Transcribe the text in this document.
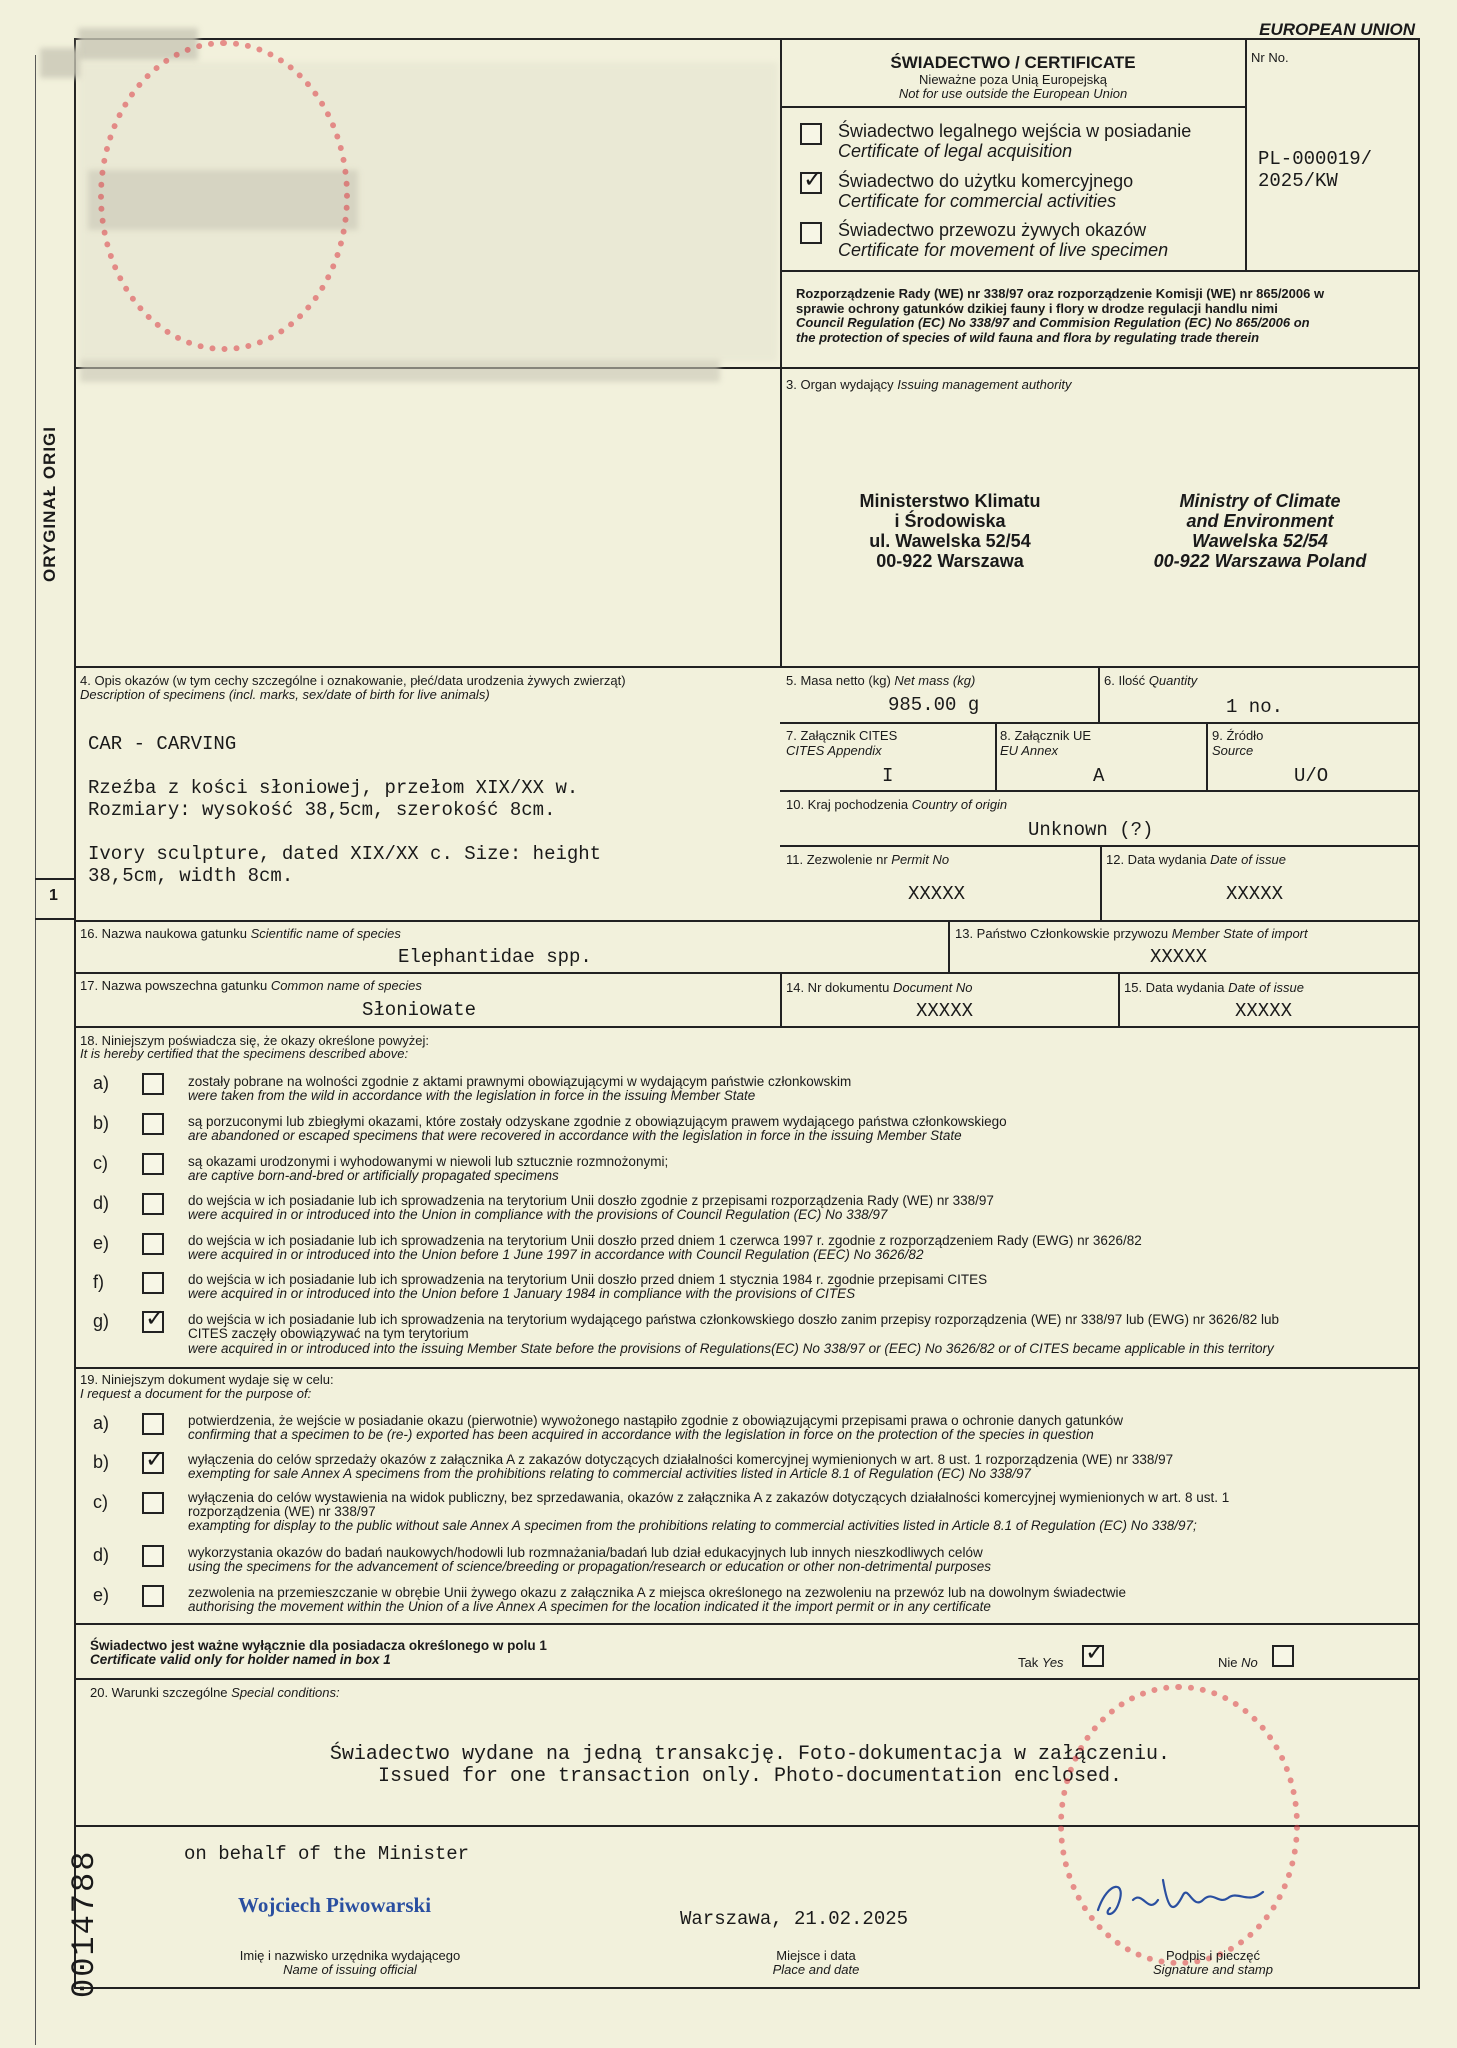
EUROPEAN UNION
ŚWIADECTWO / CERTIFICATE
Nieważne poza Unią Europejską
Not for use outside the European Union
Nr No.
PL-000019/
2025/KW
Świadectwo legalnego wejścia w posiadanie
Certificate of legal acquisition
✓ Świadectwo do użytku komercyjnego
Certificate for commercial activities
Świadectwo przewozu żywych okazów
Certificate for movement of live specimen
Rozporządzenie Rady (WE) nr 338/97 oraz rozporządzenie Komisji (WE) nr 865/2006 w
sprawie ochrony gatunków dzikiej fauny i flory w drodze regulacji handlu nimi
Council Regulation (EC) No 338/97 and Commision Regulation (EC) No 865/2006 on
the protection of species of wild fauna and flora by regulating trade therein
ORYGINAŁ ORIGI
1
0014788
3. Organ wydający Issuing management authority
Ministerstwo Klimatu
i Środowiska
ul. Wawelska 52/54
00-922 Warszawa
Ministry of Climate
and Environment
Wawelska 52/54
00-922 Warszawa Poland
4. Opis okazów (w tym cechy szczególne i oznakowanie, płeć/data urodzenia żywych zwierząt)
Description of specimens (incl. marks, sex/date of birth for live animals)
CAR - CARVING
Rzeźba z kości słoniowej, przełom XIX/XX w.
Rozmiary: wysokość 38,5cm, szerokość 8cm.
Ivory sculpture, dated XIX/XX c. Size: height
38,5cm, width 8cm.
5. Masa netto (kg) Net mass (kg)
985.00 g
6. Ilość Quantity
1 no.
7. Załącznik CITES
CITES Appendix
I
8. Załącznik UE
EU Annex
A
9. Źródło
Source
U/O
10. Kraj pochodzenia Country of origin
Unknown (?)
11. Zezwolenie nr Permit No
XXXXX
12. Data wydania Date of issue
XXXXX
16. Nazwa naukowa gatunku Scientific name of species
Elephantidae spp.
13. Państwo Członkowskie przywozu Member State of import
XXXXX
17. Nazwa powszechna gatunku Common name of species
Słoniowate
14. Nr dokumentu Document No
XXXXX
15. Data wydania Date of issue
XXXXX
18. Niniejszym poświadcza się, że okazy określone powyżej:
It is hereby certified that the specimens described above:
a)	zostały pobrane na wolności zgodnie z aktami prawnymi obowiązującymi w wydającym państwie członkowskim
were taken from the wild in accordance with the legislation in force in the issuing Member State
b)	są porzuconymi lub zbiegłymi okazami, które zostały odzyskane zgodnie z obowiązującym prawem wydającego państwa członkowskiego
are abandoned or escaped specimens that were recovered in accordance with the legislation in force in the issuing Member State
c)	są okazami urodzonymi i wyhodowanymi w niewoli lub sztucznie rozmnożonymi;
are captive born-and-bred or artificially propagated specimens
d)	do wejścia w ich posiadanie lub ich sprowadzenia na terytorium Unii doszło zgodnie z przepisami rozporządzenia Rady (WE) nr 338/97
were acquired in or introduced into the Union in compliance with the provisions of Council Regulation (EC) No 338/97
e)	do wejścia w ich posiadanie lub ich sprowadzenia na terytorium Unii doszło przed dniem 1 czerwca 1997 r. zgodnie z rozporządzeniem Rady (EWG) nr 3626/82
were acquired in or introduced into the Union before 1 June 1997 in accordance with Council Regulation (EEC) No 3626/82
f)	do wejścia w ich posiadanie lub ich sprowadzenia na terytorium Unii doszło przed dniem 1 stycznia 1984 r. zgodnie przepisami CITES
were acquired in or introduced into the Union before 1 January 1984 in compliance with the provisions of CITES
g) ✓ do wejścia w ich posiadanie lub ich sprowadzenia na terytorium wydającego państwa członkowskiego doszło zanim przepisy rozporządzenia (WE) nr 338/97 lub (EWG) nr 3626/82 lub
CITES zaczęły obowiązywać na tym terytorium
were acquired in or introduced into the issuing Member State before the provisions of Regulations(EC) No 338/97 or (EEC) No 3626/82 or of CITES became applicable in this territory
19. Niniejszym dokument wydaje się w celu:
I request a document for the purpose of:
a)	potwierdzenia, że wejście w posiadanie okazu (pierwotnie) wywożonego nastąpiło zgodnie z obowiązującymi przepisami prawa o ochronie danych gatunków
confirming that a specimen to be (re-) exported has been acquired in accordance with the legislation in force on the protection of the species in question
b) ✓ wyłączenia do celów sprzedaży okazów z załącznika A z zakazów dotyczących działalności komercyjnej wymienionych w art. 8 ust. 1 rozporządzenia (WE) nr 338/97
exempting for sale Annex A specimens from the prohibitions relating to commercial activities listed in Article 8.1 of Regulation (EC) No 338/97
c)	wyłączenia do celów wystawienia na widok publiczny, bez sprzedawania, okazów z załącznika A z zakazów dotyczących działalności komercyjnej wymienionych w art. 8 ust. 1
rozporządzenia (WE) nr 338/97
exampting for display to the public without sale Annex A specimen from the prohibitions relating to commercial activities listed in Article 8.1 of Regulation (EC) No 338/97;
d)	wykorzystania okazów do badań naukowych/hodowli lub rozmnażania/badań lub dział edukacyjnych lub innych nieszkodliwych celów
using the specimens for the advancement of science/breeding or propagation/research or education or other non-detrimental purposes
e)	zezwolenia na przemieszczanie w obrębie Unii żywego okazu z załącznika A z miejsca określonego na zezwoleniu na przewóz lub na dowolnym świadectwie
authorising the movement within the Union of a live Annex A specimen for the location indicated it the import permit or in any certificate
Świadectwo jest ważne wyłącznie dla posiadacza określonego w polu 1
Certificate valid only for holder named in box 1	Tak Yes ✓	Nie No
20. Warunki szczególne Special conditions:
Świadectwo wydane na jedną transakcję. Foto-dokumentacja w załączeniu.
Issued for one transaction only. Photo-documentation enclosed.
on behalf of the Minister
Wojciech Piwowarski
Imię i nazwisko urzędnika wydającego
Name of issuing official
Warszawa, 21.02.2025
Miejsce i data
Place and date
Podpis i pieczęć
Signature and stamp
